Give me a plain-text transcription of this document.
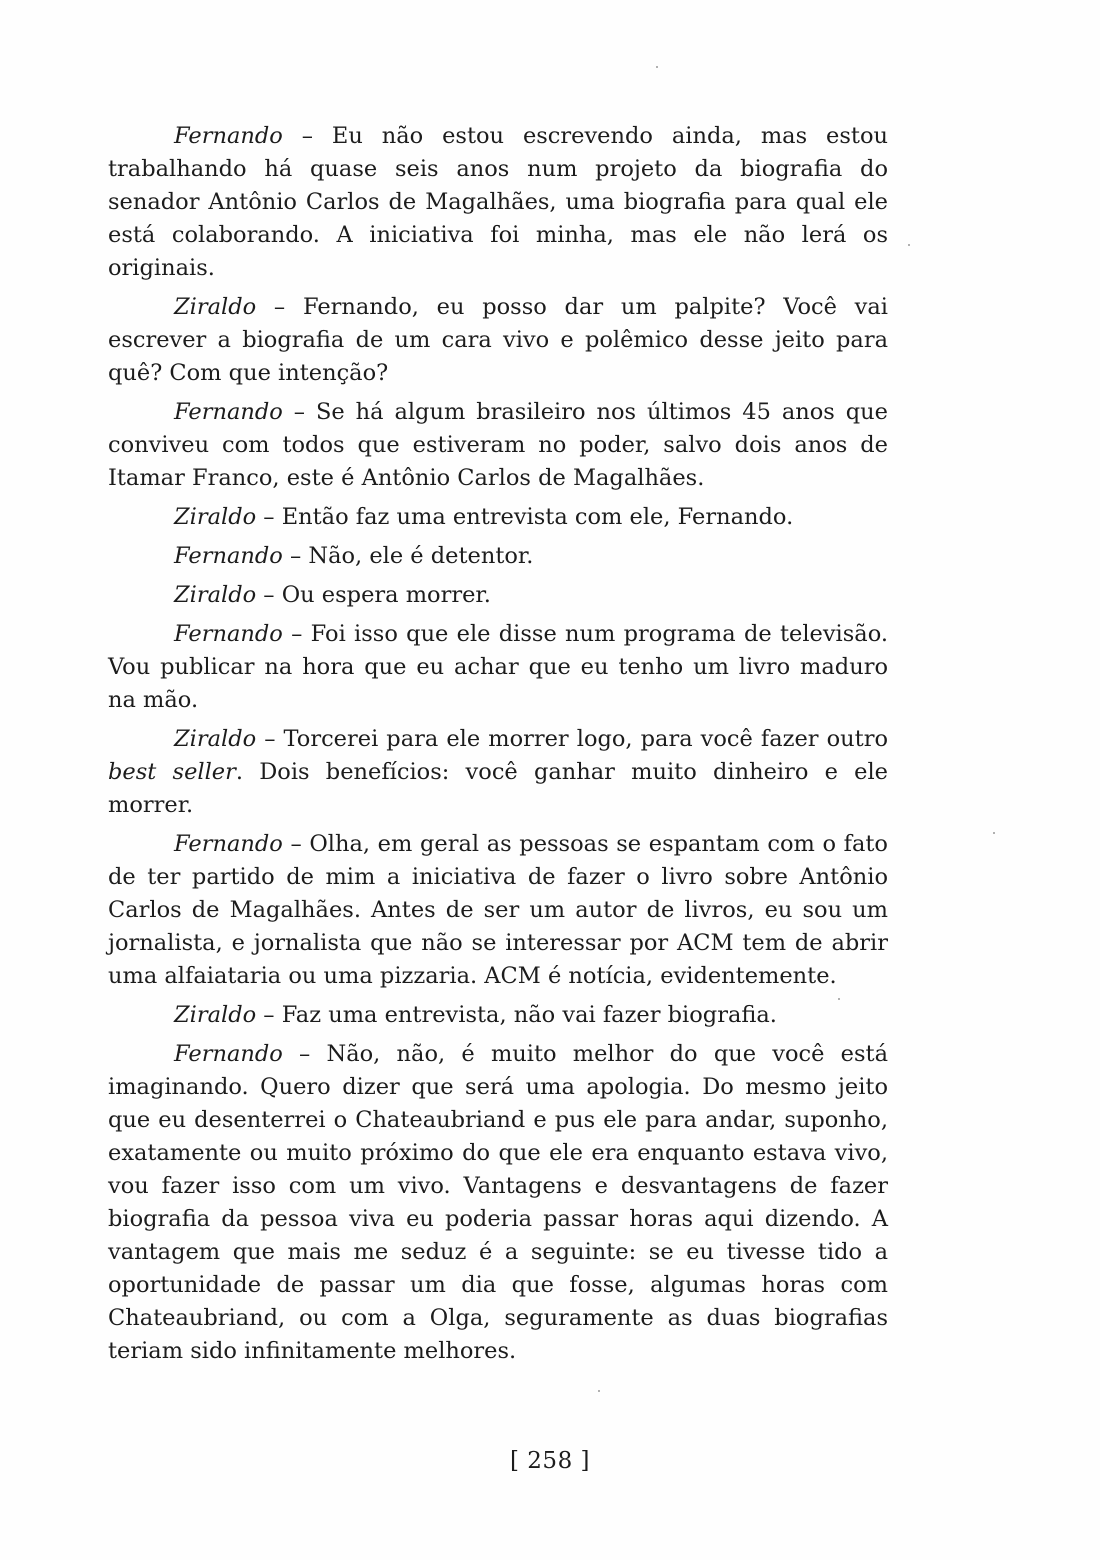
Fernando – Eu não estou escrevendo ainda, mas estou trabalhando há quase seis anos num projeto da biografia do senador Antônio Carlos de Magalhães, uma biografia para qual ele está colaborando. A iniciativa foi minha, mas ele não lerá os originais.

Ziraldo – Fernando, eu posso dar um palpite? Você vai escrever a biografia de um cara vivo e polêmico desse jeito para quê? Com que intenção?

Fernando – Se há algum brasileiro nos últimos 45 anos que conviveu com todos que estiveram no poder, salvo dois anos de Itamar Franco, este é Antônio Carlos de Magalhães.

Ziraldo – Então faz uma entrevista com ele, Fernando.

Fernando – Não, ele é detentor.

Ziraldo – Ou espera morrer.

Fernando – Foi isso que ele disse num programa de televisão. Vou publicar na hora que eu achar que eu tenho um livro maduro na mão.

Ziraldo – Torcerei para ele morrer logo, para você fazer outro best seller. Dois benefícios: você ganhar muito dinheiro e ele morrer.

Fernando – Olha, em geral as pessoas se espantam com o fato de ter partido de mim a iniciativa de fazer o livro sobre Antônio Carlos de Magalhães. Antes de ser um autor de livros, eu sou um jornalista, e jornalista que não se interessar por ACM tem de abrir uma alfaiataria ou uma pizzaria. ACM é notícia, evidentemente.

Ziraldo – Faz uma entrevista, não vai fazer biografia.

Fernando – Não, não, é muito melhor do que você está imaginando. Quero dizer que será uma apologia. Do mesmo jeito que eu desenterrei o Chateaubriand e pus ele para andar, suponho, exatamente ou muito próximo do que ele era enquanto estava vivo, vou fazer isso com um vivo. Vantagens e desvantagens de fazer biografia da pessoa viva eu poderia passar horas aqui dizendo. A vantagem que mais me seduz é a seguinte: se eu tivesse tido a oportunidade de passar um dia que fosse, algumas horas com Chateaubriand, ou com a Olga, seguramente as duas biografias teriam sido infinitamente melhores.

[ 258 ]
